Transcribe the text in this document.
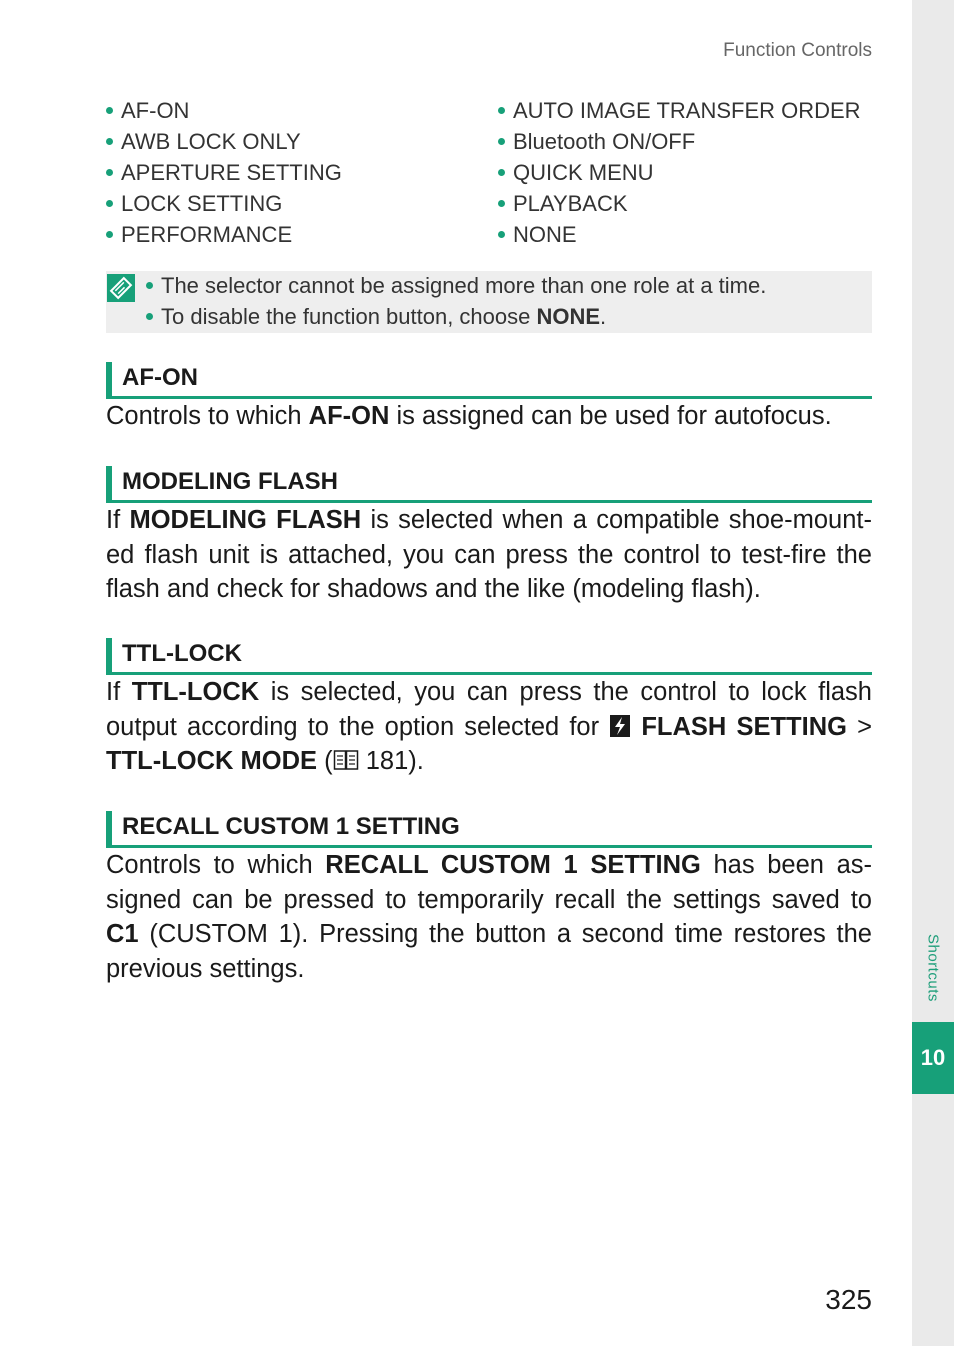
Shortcuts
10
Function Controls
AF-ON
AWB LOCK ONLY
APERTURE SETTING
LOCK SETTING
PERFORMANCE
AUTO IMAGE TRANSFER ORDER
Bluetooth ON/OFF
QUICK MENU
PLAYBACK
NONE
The selector cannot be assigned more than one role at a time.
To disable the function button, choose NONE.
AF-ON
Controls to which AF-ON is assigned can be used for autofocus.
MODELING FLASH
If MODELING FLASH is selected when a compatible shoe-mounted flash unit is attached, you can press the control to test-fire the flash and check for shadows and the like (modeling flash).
TTL-LOCK
If TTL-LOCK is selected, you can press the control to lock flash output according to the option selected for  FLASH SETTING > TTL-LOCK MODE ( 181).
RECALL CUSTOM 1 SETTING
Controls to which RECALL CUSTOM 1 SETTING has been assigned can be pressed to temporarily recall the settings saved to C1 (CUSTOM 1). Pressing the button a second time restores the previous settings.
325
